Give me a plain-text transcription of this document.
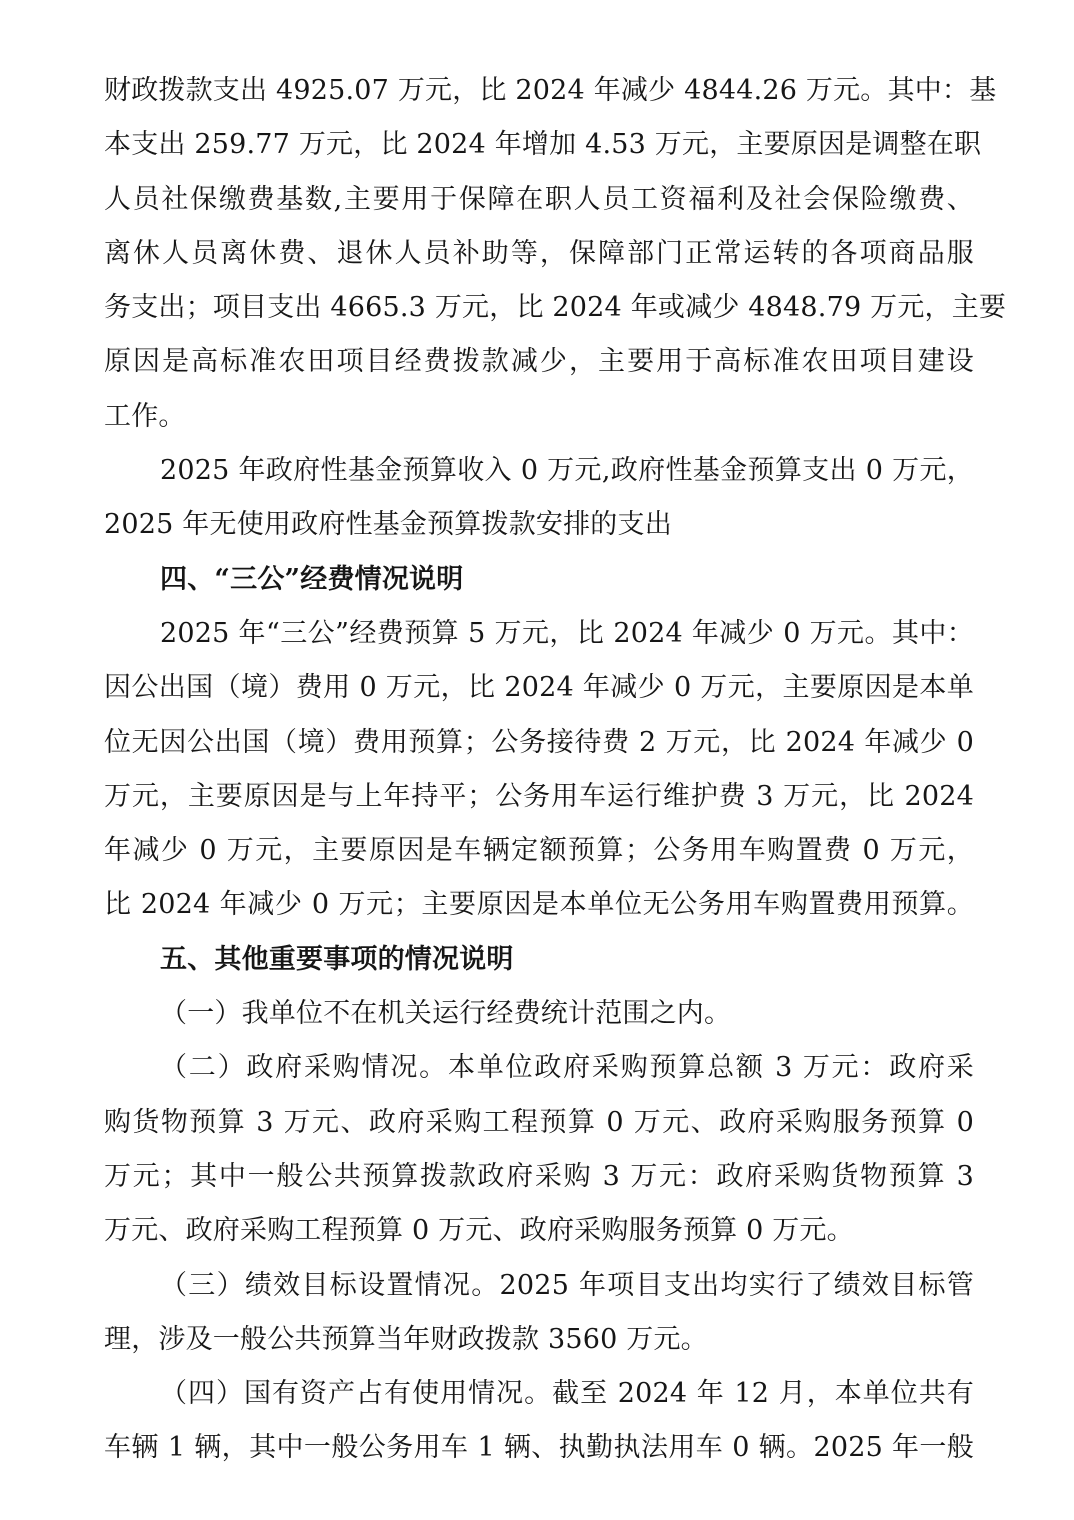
财政拨款支出 4925.07 万元，比 2024 年减少 4844.26 万元。其中：基
本支出 259.77 万元，比 2024 年增加 4.53 万元，主要原因是调整在职
人员社保缴费基数,主要用于保障在职人员工资福利及社会保险缴费、
离休人员离休费、退休人员补助等，保障部门正常运转的各项商品服
务支出；项目支出 4665.3 万元，比 2024 年或减少 4848.79 万元，主要
原因是高标准农田项目经费拨款减少，主要用于高标准农田项目建设
工作。
2025 年政府性基金预算收入 0 万元,政府性基金预算支出 0 万元，
2025 年无使用政府性基金预算拨款安排的支出
四、“三公”经费情况说明
2025 年“三公”经费预算 5 万元，比 2024 年减少 0 万元。其中：
因公出国（境）费用 0 万元，比 2024 年减少 0 万元，主要原因是本单
位无因公出国（境）费用预算；公务接待费 2 万元，比 2024 年减少 0
万元，主要原因是与上年持平；公务用车运行维护费 3 万元，比 2024
年减少 0 万元，主要原因是车辆定额预算；公务用车购置费 0 万元，
比 2024 年减少 0 万元；主要原因是本单位无公务用车购置费用预算。
五、其他重要事项的情况说明
（一）我单位不在机关运行经费统计范围之内。
（二）政府采购情况。本单位政府采购预算总额 3 万元：政府采
购货物预算 3 万元、政府采购工程预算 0 万元、政府采购服务预算 0
万元；其中一般公共预算拨款政府采购 3 万元：政府采购货物预算 3
万元、政府采购工程预算 0 万元、政府采购服务预算 0 万元。
（三）绩效目标设置情况。2025 年项目支出均实行了绩效目标管
理，涉及一般公共预算当年财政拨款 3560 万元。
（四）国有资产占有使用情况。截至 2024 年 12 月，本单位共有
车辆 1 辆，其中一般公务用车 1 辆、执勤执法用车 0 辆。2025 年一般
